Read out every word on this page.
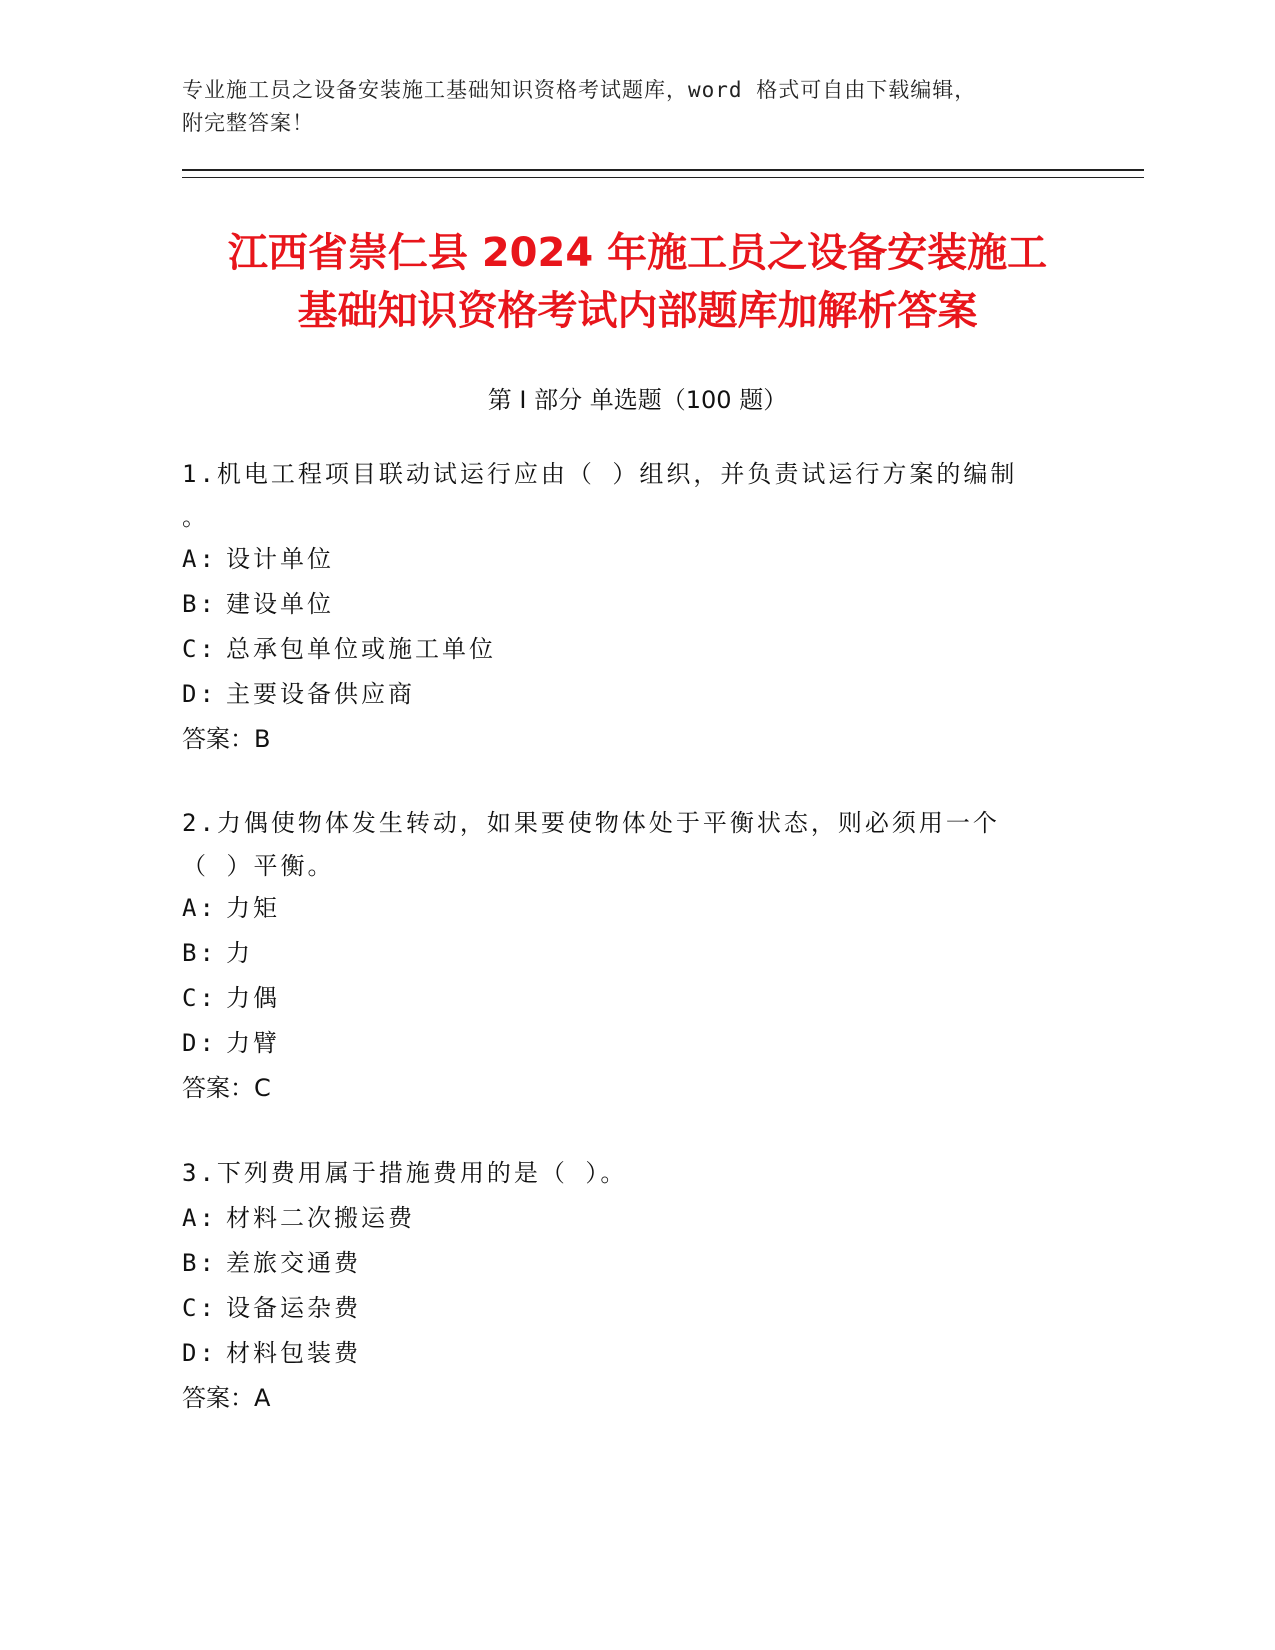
专业施工员之设备安装施工基础知识资格考试题库，word 格式可自由下载编辑，
附完整答案！
江西省崇仁县 2024 年施工员之设备安装施工
基础知识资格考试内部题库加解析答案
第 I 部分 单选题（100 题）

1.机电工程项目联动试运行应由（ ）组织，并负责试运行方案的编制

。

A: 设计单位

B: 建设单位

C: 总承包单位或施工单位

D: 主要设备供应商

答案：B

2.力偶使物体发生转动，如果要使物体处于平衡状态，则必须用一个

（ ）平衡。

A: 力矩

B: 力

C: 力偶

D: 力臂

答案：C

3.下列费用属于措施费用的是（ ）。

A: 材料二次搬运费

B: 差旅交通费

C: 设备运杂费

D: 材料包装费

答案：A
